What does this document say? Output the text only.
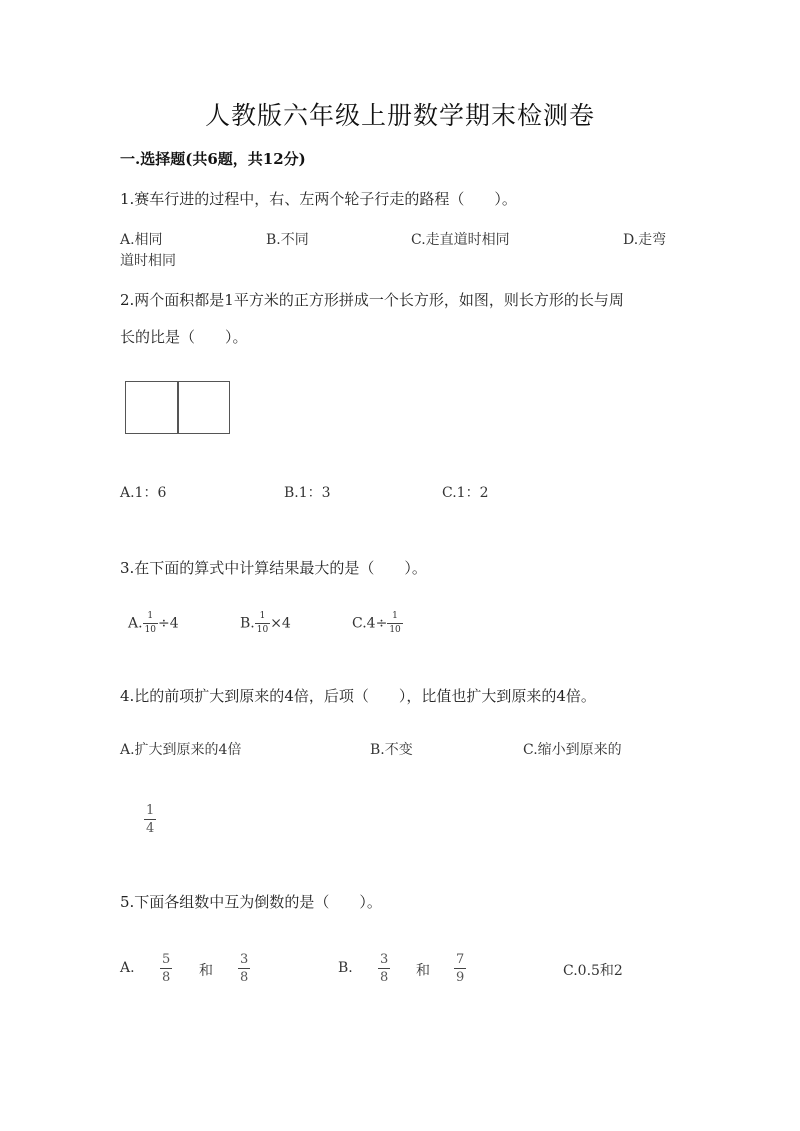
人教版六年级上册数学期末检测卷
一.选择题(共6题，共12分)
1.赛车行进的过程中，右、左两个轮子行走的路程（　　）。
A.相同	B.不同	C.走直道时相同	D.走弯
道时相同
2.两个面积都是1平方米的正方形拼成一个长方形，如图，则长方形的长与周
长的比是（　　）。
A.1：6	B.1：3	C.1：2
3.在下面的算式中计算结果最大的是（　　）。
A. $\frac{1}{10} \div 4$	B. $\frac{1}{10} \times 4$	$C.4\div \frac{1}{10}$
4.比的前项扩大到原来的4倍，后项（　　），比值也扩大到原来的4倍。
A.扩大到原来的4倍	B.不变	C.缩小到原来的
$\frac{1}{4}$
5.下面各组数中互为倒数的是（　　）。
A. $\frac{5}{8}$ 和 $\frac{3}{8}$	B. $\frac{3}{8}$ 和 $\frac{7}{9}$	C.0.5和2
